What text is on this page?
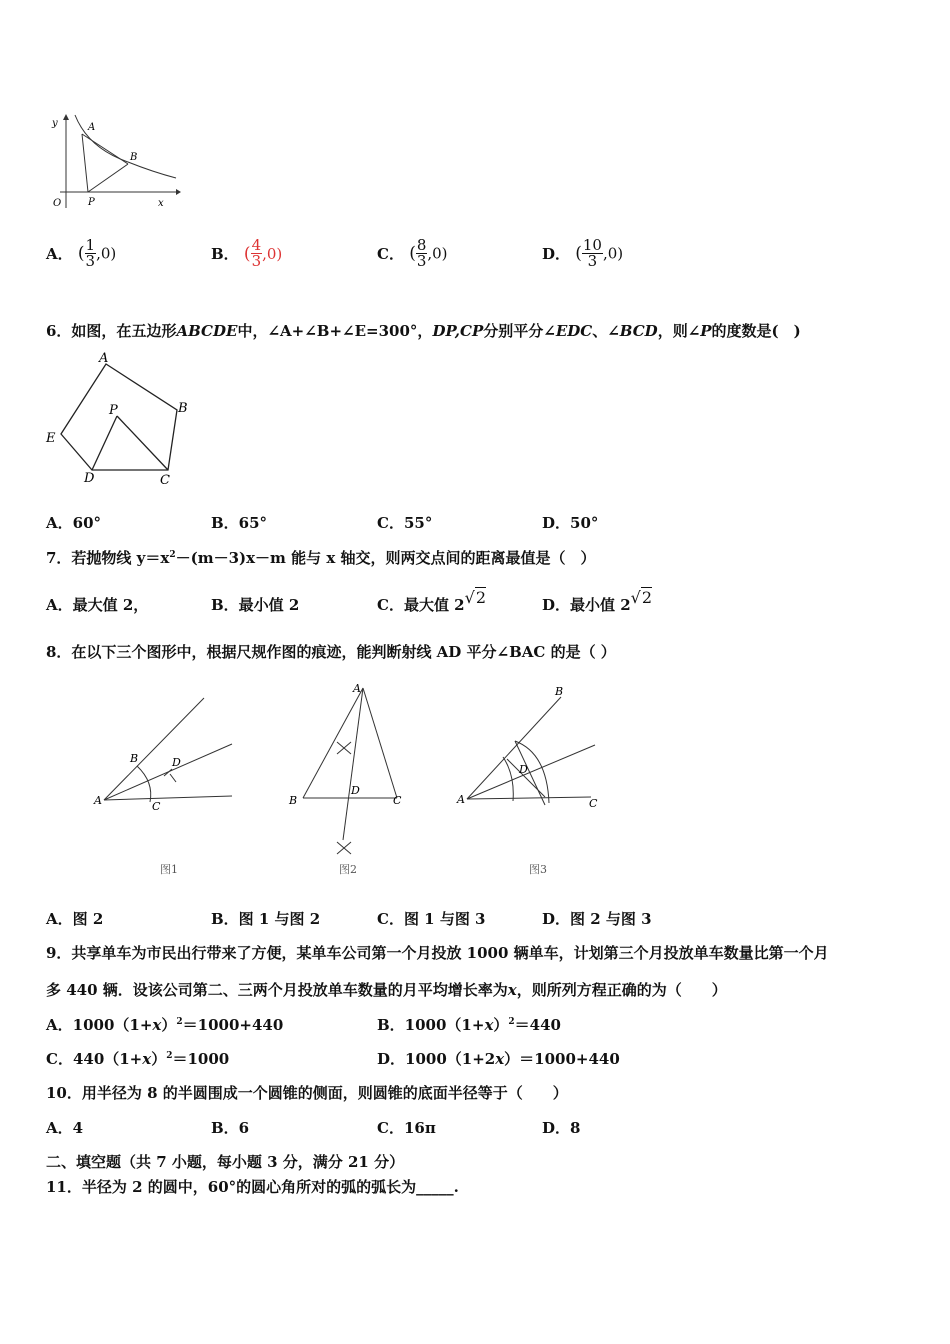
y	A
B
O	P	x
A． ( $\frac{1}{3} ,0$)	B． ( $\frac{4}{3} ,0$)	C． ( $\frac{8}{3} ,0$)	D． ( $\frac{10}{3} ,0$)
6．如图，在五边形ABCDE中，∠A+∠B+∠E=300°，DP,CP分别平分∠EDC、∠BCD，则∠P的度数是(　)
A
B
C
D
E
P
A．60°	B．65°	C．55°	D．50°
7．若抛物线 $y=x^2-(m-3)x-m$ 能与 x 轴交，则两交点间的距离最值是（　）
A．最大值 2，	B．最小值 2	C．最大值 2√2	D．最小值 2√2
8．在以下三个图形中，根据尺规作图的痕迹，能判断射线 AD 平分∠BAC 的是（ ）
A
B	D
C
图1
A
B
D
C
图2
A
B
D
C
图3
A．图 2	B．图 1 与图 2	C．图 1 与图 3	D．图 2 与图 3
9．共享单车为市民出行带来了方便，某单车公司第一个月投放 1000 辆单车，计划第三个月投放单车数量比第一个月
多 440 辆．设该公司第二、三两个月投放单车数量的月平均增长率为x，则所列方程正确的为（　　）
A．$1000(1+x)^2=1000+440$	B．$1000(1+x)^2=440$
C．$440(1+x)^2=1000$	D．1000（1+2x）＝1000+440
10．用半径为 8 的半圆围成一个圆锥的侧面，则圆锥的底面半径等于（　　）
A．4	B．6	C．16π	D．8
二、填空题（共 7 小题，每小题 3 分，满分 21 分）
11．半径为 2 的圆中，60°的圆心角所对的弧的弧长为_____.
